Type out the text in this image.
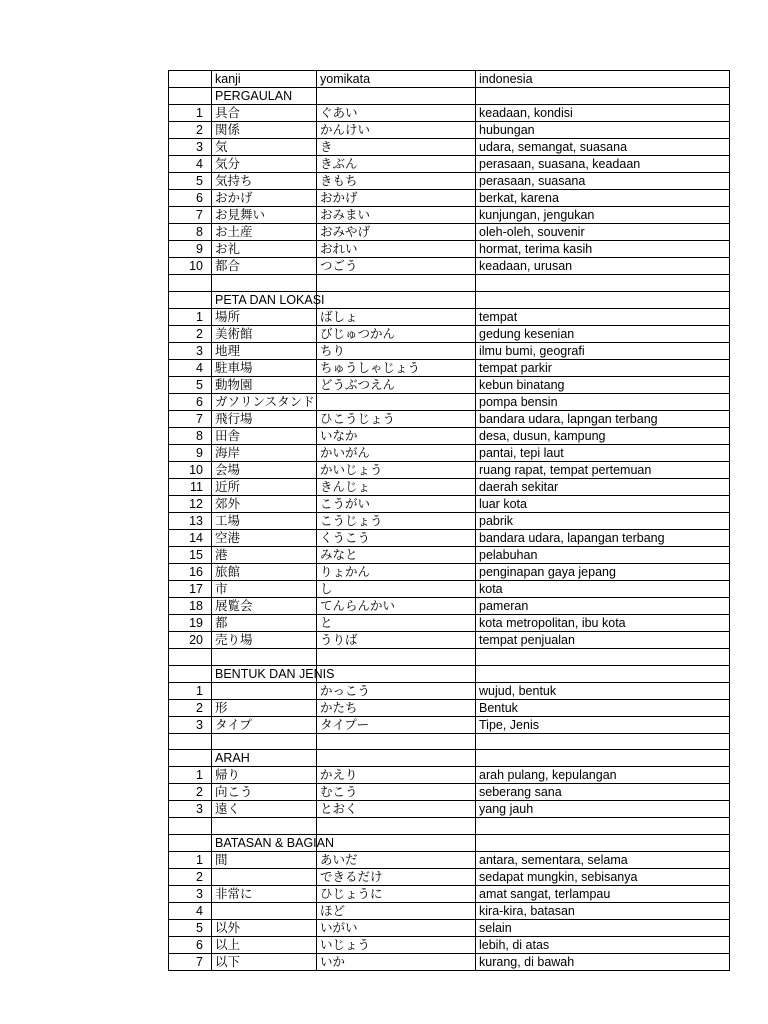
	kanji	yomikata	indonesia
	PERGAULAN		
1	具合	ぐあい	keadaan, kondisi
2	関係	かんけい	hubungan
3	気	き	udara, semangat, suasana
4	気分	きぶん	perasaan, suasana, keadaan
5	気持ち	きもち	perasaan, suasana
6	おかげ	おかげ	berkat, karena
7	お見舞い	おみまい	kunjungan, jengukan
8	お土産	おみやげ	oleh-oleh, souvenir
9	お礼	おれい	hormat, terima kasih
10	都合	つごう	keadaan, urusan

	PETA DAN LOKASI		
1	場所	ばしょ	tempat
2	美術館	びじゅつかん	gedung kesenian
3	地理	ちり	ilmu bumi, geografi
4	駐車場	ちゅうしゃじょう	tempat parkir
5	動物園	どうぶつえん	kebun binatang
6	ガソリンスタンド		pompa bensin
7	飛行場	ひこうじょう	bandara udara, lapngan terbang
8	田舎	いなか	desa, dusun, kampung
9	海岸	かいがん	pantai, tepi laut
10	会場	かいじょう	ruang rapat, tempat pertemuan
11	近所	きんじょ	daerah sekitar
12	郊外	こうがい	luar kota
13	工場	こうじょう	pabrik
14	空港	くうこう	bandara udara, lapangan terbang
15	港	みなと	pelabuhan
16	旅館	りょかん	penginapan gaya jepang
17	市	し	kota
18	展覧会	てんらんかい	pameran
19	都	と	kota metropolitan, ibu kota
20	売り場	うりば	tempat penjualan

	BENTUK DAN JENIS		
1		かっこう	wujud, bentuk
2	形	かたち	Bentuk
3	タイプ	タイプー	Tipe, Jenis

	ARAH		
1	帰り	かえり	arah pulang, kepulangan
2	向こう	むこう	seberang sana
3	遠く	とおく	yang jauh

	BATASAN & BAGIAN		
1	間	あいだ	antara, sementara, selama
2		できるだけ	sedapat mungkin, sebisanya
3	非常に	ひじょうに	amat sangat, terlampau
4		ほど	kira-kira, batasan
5	以外	いがい	selain
6	以上	いじょう	lebih, di atas
7	以下	いか	kurang, di bawah
